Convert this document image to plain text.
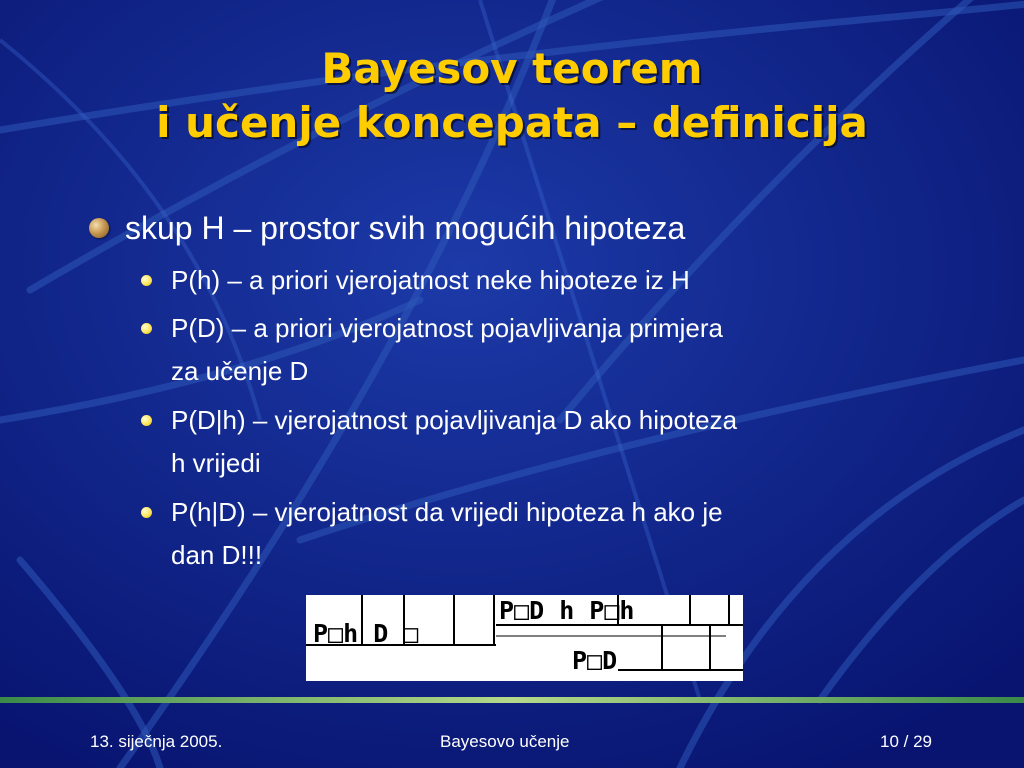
Bayesov teorem
i učenje koncepata – definicija
skup H – prostor svih mogućih hipoteza
P(h) – a priori vjerojatnost neke hipoteze iz H
P(D) – a priori vjerojatnost pojavljivanja primjera
za učenje D
P(D|h) – vjerojatnost pojavljivanja D ako hipoteza
h vrijedi
P(h|D) – vjerojatnost da vrijedi hipoteza h ako je
dan D!!!
P□h D □
P□D h P□h
P□D
13. siječnja 2005.	Bayesovo učenje	10 / 29
